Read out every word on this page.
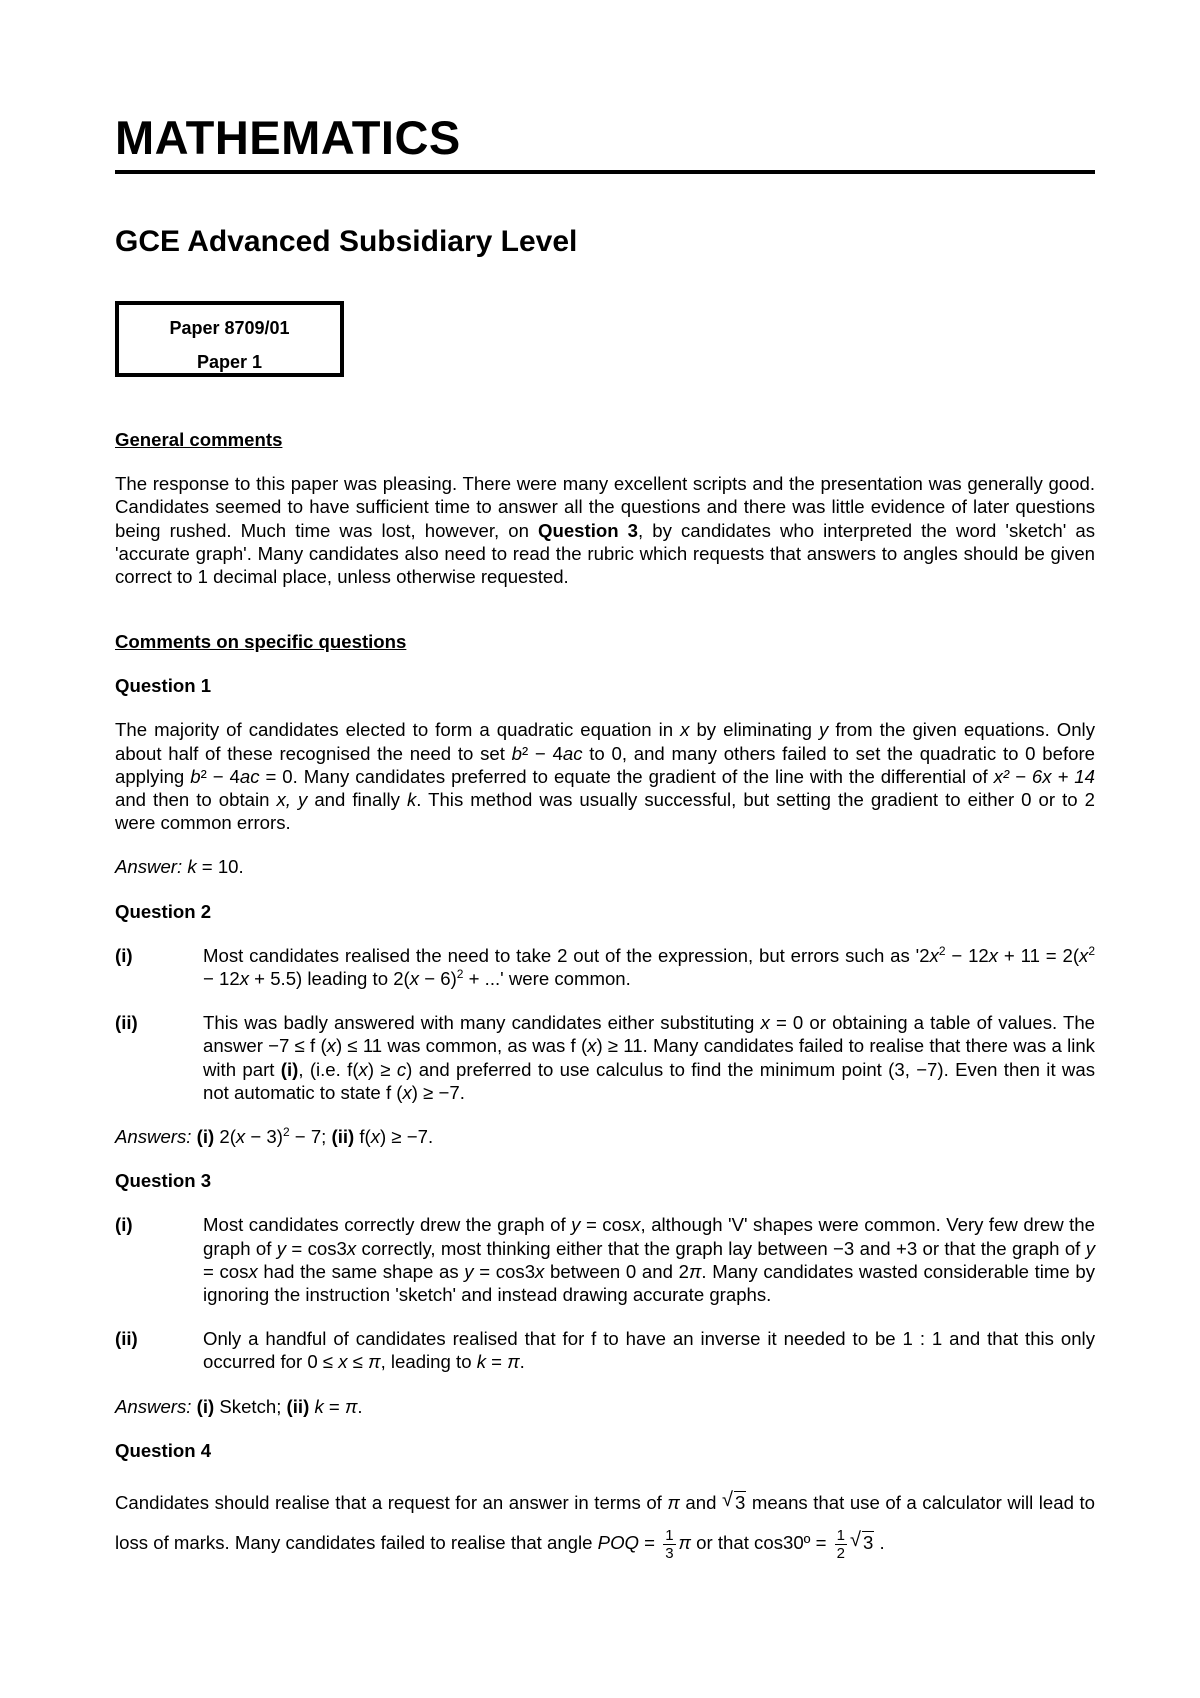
MATHEMATICS
GCE Advanced Subsidiary Level
Paper 8709/01
Paper 1

General comments

The response to this paper was pleasing. There were many excellent scripts and the presentation was generally good. Candidates seemed to have sufficient time to answer all the questions and there was little evidence of later questions being rushed. Much time was lost, however, on Question 3, by candidates who interpreted the word 'sketch' as 'accurate graph'. Many candidates also need to read the rubric which requests that answers to angles should be given correct to 1 decimal place, unless otherwise requested.

Comments on specific questions

Question 1

The majority of candidates elected to form a quadratic equation in x by eliminating y from the given equations. Only about half of these recognised the need to set b² − 4ac to 0, and many others failed to set the quadratic to 0 before applying b² − 4ac = 0. Many candidates preferred to equate the gradient of the line with the differential of x² − 6x + 14 and then to obtain x, y and finally k. This method was usually successful, but setting the gradient to either 0 or to 2 were common errors.

Answer: k = 10.

Question 2

(i)	Most candidates realised the need to take 2 out of the expression, but errors such as '$2x^2 - 12x + 11 = 2(x^2 - 12x + 5.5)$ leading to $2(x - 6)^2$ + ...' were common.

(ii)	This was badly answered with many candidates either substituting x = 0 or obtaining a table of values. The answer −7 ≤ f (x) ≤ 11 was common, as was f (x) ≥ 11. Many candidates failed to realise that there was a link with part (i), (i.e. f(x) ≥ c) and preferred to use calculus to find the minimum point (3, −7). Even then it was not automatic to state f (x) ≥ −7.

Answers: (i) $2(x - 3)^2 - 7$; (ii) f(x) ≥ −7.

Question 3

(i)	Most candidates correctly drew the graph of y = cosx, although 'V' shapes were common. Very few drew the graph of y = cos3x correctly, most thinking either that the graph lay between −3 and +3 or that the graph of y = cosx had the same shape as y = cos3x between 0 and 2π. Many candidates wasted considerable time by ignoring the instruction 'sketch' and instead drawing accurate graphs.

(ii)	Only a handful of candidates realised that for f to have an inverse it needed to be 1 : 1 and that this only occurred for 0 ≤ x ≤ π, leading to k = π.

Answers: (i) Sketch; (ii) k = π.

Question 4

Candidates should realise that a request for an answer in terms of π and √ 3 means that use of a calculator will lead to loss of marks. Many candidates failed to realise that angle POQ = $\frac{1}{3}$ π or that cos30º = $\frac{1}{2}$ √ 3 .
